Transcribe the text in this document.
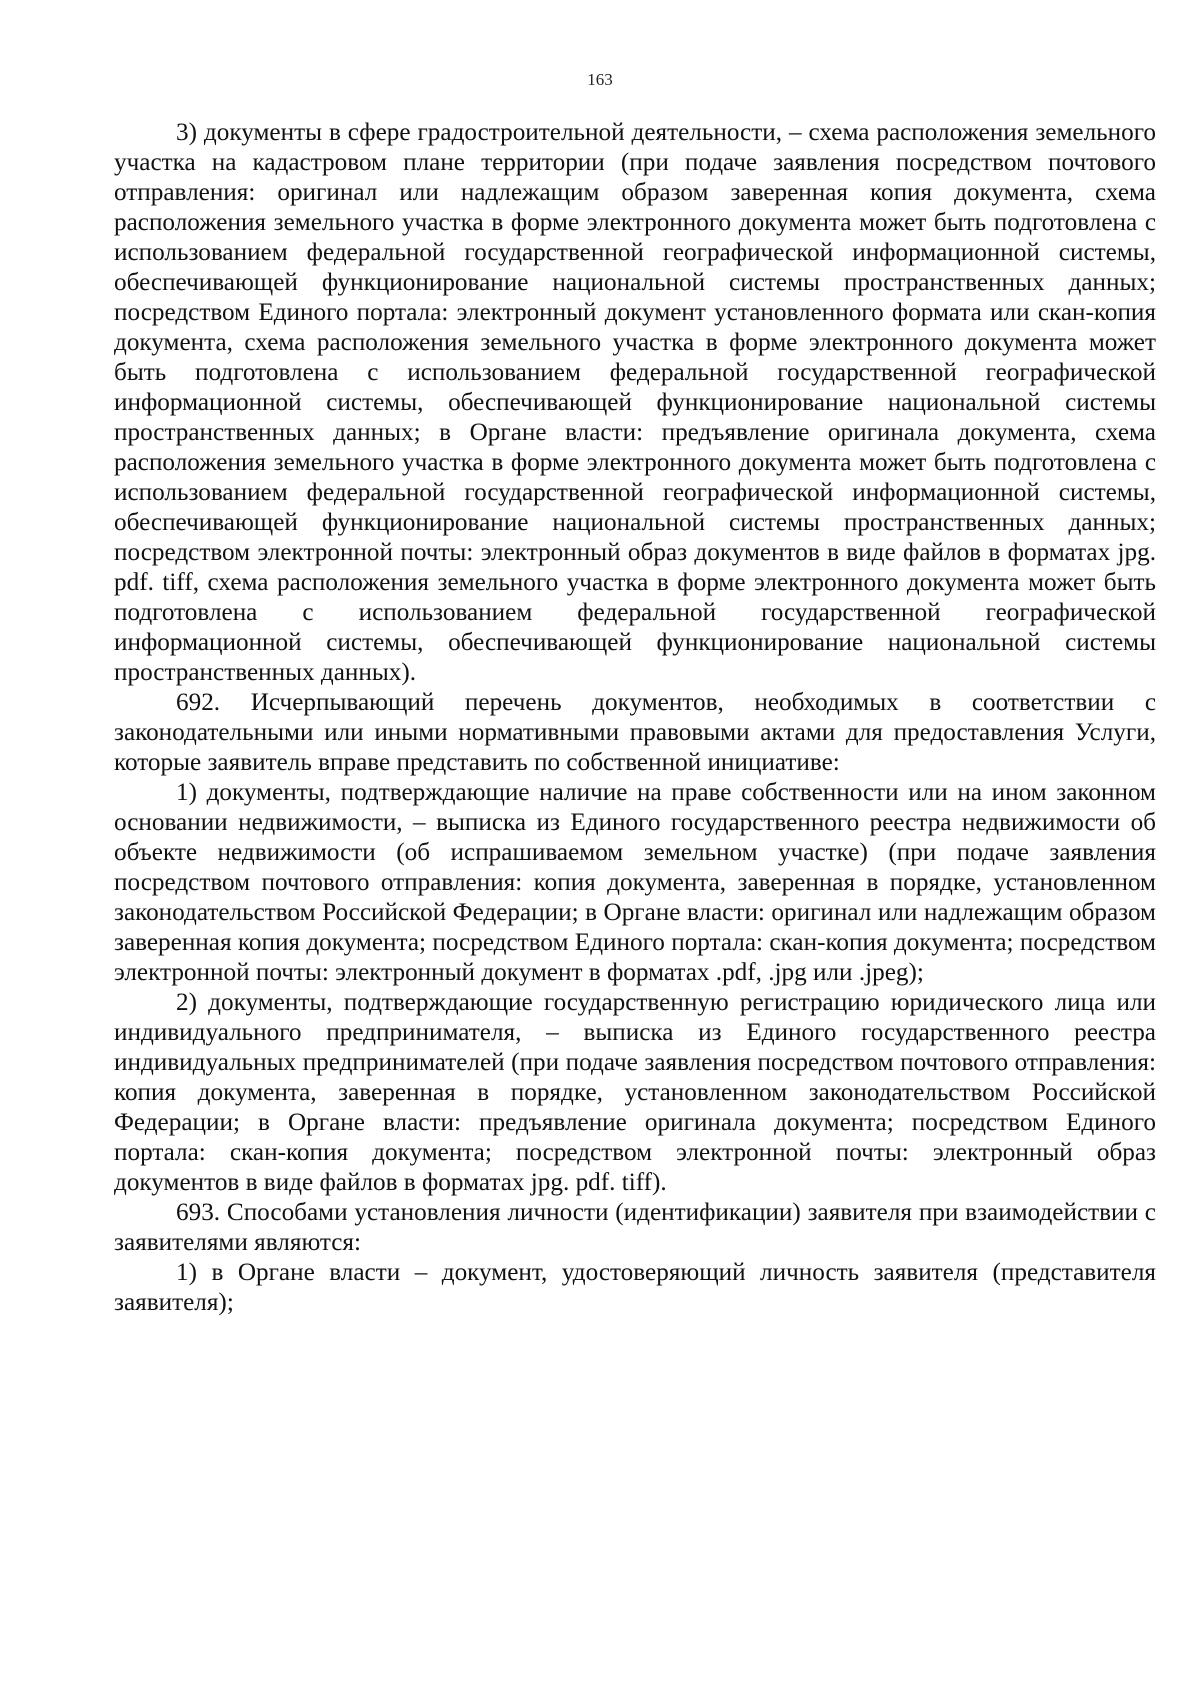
163

3) документы в сфере градостроительной деятельности, – схема расположения земельного участка на кадастровом плане территории (при подаче заявления посредством почтового отправления: оригинал или надлежащим образом заверенная копия документа, схема расположения земельного участка в форме электронного документа может быть подготовлена с использованием федеральной государственной географической информационной системы, обеспечивающей функционирование национальной системы пространственных данных; посредством Единого портала: электронный документ установленного формата или скан-копия документа, схема расположения земельного участка в форме электронного документа может быть подготовлена с использованием федеральной государственной географической информационной системы, обеспечивающей функционирование национальной системы пространственных данных; в Органе власти: предъявление оригинала документа, схема расположения земельного участка в форме электронного документа может быть подготовлена с использованием федеральной государственной географической информационной системы, обеспечивающей функционирование национальной системы пространственных данных; посредством электронной почты: электронный образ документов в виде файлов в форматах jpg. pdf. tiff, схема расположения земельного участка в форме электронного документа может быть подготовлена с использованием федеральной государственной географической информационной системы, обеспечивающей функционирование национальной системы пространственных данных).

692. Исчерпывающий перечень документов, необходимых в соответствии с законодательными или иными нормативными правовыми актами для предоставления Услуги, которые заявитель вправе представить по собственной инициативе:

1) документы, подтверждающие наличие на праве собственности или на ином законном основании недвижимости, – выписка из Единого государственного реестра недвижимости об объекте недвижимости (об испрашиваемом земельном участке) (при подаче заявления посредством почтового отправления: копия документа, заверенная в порядке, установленном законодательством Российской Федерации; в Органе власти: оригинал или надлежащим образом заверенная копия документа; посредством Единого портала: скан-копия документа; посредством электронной почты: электронный документ в форматах .pdf, .jpg или .jpeg);

2) документы, подтверждающие государственную регистрацию юридического лица или индивидуального предпринимателя, – выписка из Единого государственного реестра индивидуальных предпринимателей (при подаче заявления посредством почтового отправления: копия документа, заверенная в порядке, установленном законодательством Российской Федерации; в Органе власти: предъявление оригинала документа; посредством Единого портала: скан-копия документа; посредством электронной почты: электронный образ документов в виде файлов в форматах jpg. pdf. tiff).

693. Способами установления личности (идентификации) заявителя при взаимодействии с заявителями являются:

1) в Органе власти – документ, удостоверяющий личность заявителя (представителя заявителя);
